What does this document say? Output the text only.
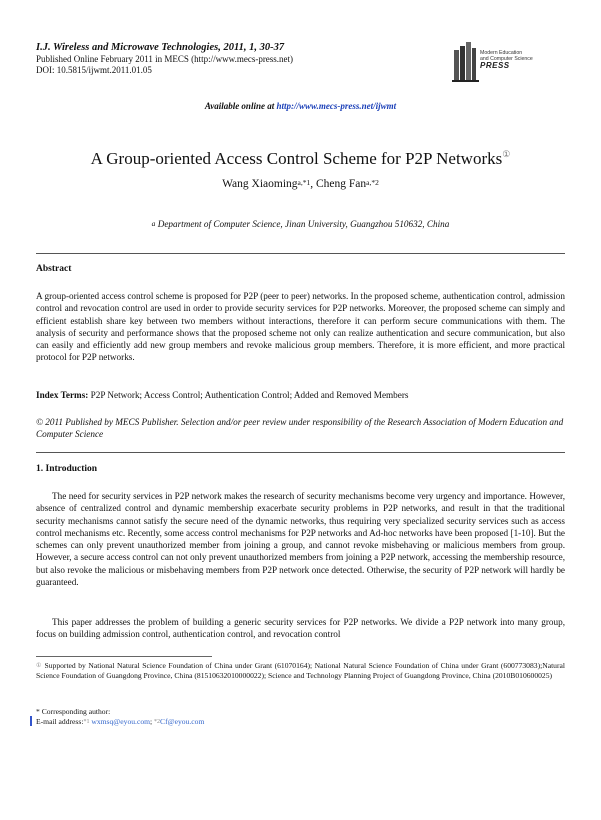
I.J. Wireless and Microwave Technologies, 2011, 1, 30-37
Published Online February 2011 in MECS (http://www.mecs-press.net)
DOI: 10.5815/ijwmt.2011.01.05
Modern Education
and Computer Science
PRESS
Available online at http://www.mecs-press.net/ijwmt
A Group-oriented Access Control Scheme for P2P Networks①
Wang Xiaoming$^{a,*1}$, Cheng Fan$^{a,*2}$
$^a$ Department of Computer Science, Jinan University, Guangzhou 510632, China
Abstract
A group-oriented access control scheme is proposed for P2P (peer to peer) networks. In the proposed scheme, authentication control, admission control and revocation control are used in order to provide security services for P2P networks. Moreover, the proposed scheme can simply and efficient establish share key between two members without interactions, therefore it can perform secure communications with them. The analysis of security and performance shows that the proposed scheme not only can realize authentication and secure communication, but also can easily and efficiently add new group members and revoke malicious group members. Therefore, it is more efficient, and more practical protocol for P2P networks.
Index Terms: P2P Network; Access Control; Authentication Control; Added and Removed Members
© 2011 Published by MECS Publisher. Selection and/or peer review under responsibility of the Research Association of Modern Education and Computer Science
1. Introduction
The need for security services in P2P network makes the research of security mechanisms become very urgency and importance. However, absence of centralized control and dynamic membership exacerbate security problems in P2P networks, and result in that the traditional security mechanisms cannot satisfy the secure need of the dynamic networks, thus requiring very specialized security services such as access control mechanisms etc. Recently, some access control mechanisms for P2P networks and Ad-hoc networks have been proposed [1-10]. But the schemes can only prevent unauthorized member from joining a group, and cannot revoke misbehaving or malicious members from group. However, a secure access control can not only prevent unauthorized members from joining a P2P network, accessing the membership resource, but also revoke the malicious or misbehaving members from P2P network once detected. Otherwise, the security of P2P network will hardly be guaranteed.
This paper addresses the problem of building a generic security services for P2P networks. We divide a P2P network into many group, focus on building admission control, authentication control, and revocation control
① Supported by National Natural Science Foundation of China under Grant (61070164); National Natural Science Foundation of China under Grant (600773083);Natural Science Foundation of Guangdong Province, China (81510632010000022); Science and Technology Planning Project of Guangdong Province, China (2010B010600025)
* Corresponding author:
E-mail address:$^{*1}$ wxmsq@eyou.com; $^{*2}$Cf@eyou.com
